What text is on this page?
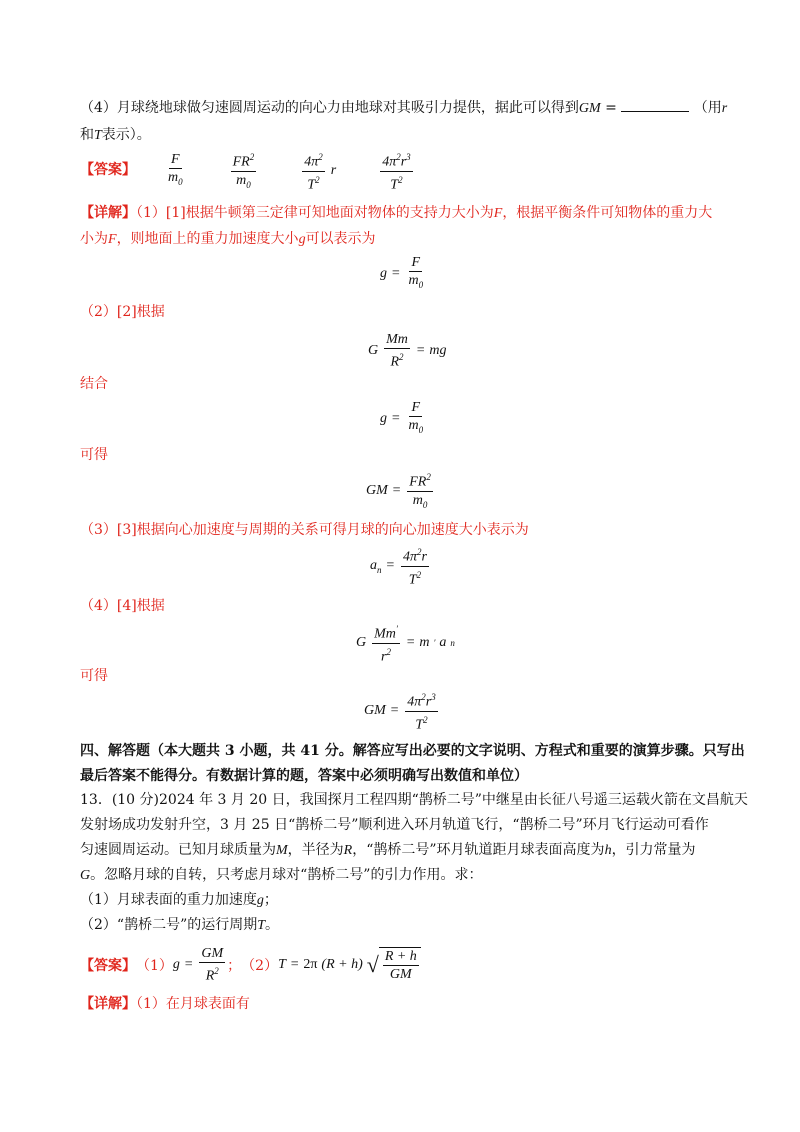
（4）月球绕地球做匀速圆周运动的向心力由地球对其吸引力提供，据此可以得到GM =	（用r
和T表示）。
【答案】 $\frac{F}{m_0}$	$\frac{FR^2}{m_0}$	$\frac{4\pi^2}{T^2}$ r	$\frac{4\pi^2r^3}{T^2}$
【详解】（1）[1]根据牛顿第三定律可知地面对物体的支持力大小为F，根据平衡条件可知物体的重力大
小为F，则地面上的重力加速度大小g可以表示为
$g = \frac{F}{m_0}$
（2）[2]根据
G $\frac{Mm}{R^2}$ = mg
结合
$g = \frac{F}{m_0}$
可得
GM = $\frac{FR^2}{m_0}$
（3）[3]根据向心加速度与周期的关系可得月球的向心加速度大小表示为
$a_n = \frac{4\pi^2r}{T^2}$
（4）[4]根据
G $\frac{Mm'}{r^2} = m$ ′ a n
可得
GM = $\frac{4\pi^2r^3}{T^2}$
四、解答题（本大题共 3 小题，共 41 分。解答应写出必要的文字说明、方程式和重要的演算步骤。只写出
最后答案不能得分。有数据计算的题，答案中必须明确写出数值和单位）
13．(10 分)2024 年 3 月 20 日，我国探月工程四期“鹊桥二号”中继星由长征八号遥三运载火箭在文昌航天
发射场成功发射升空，3 月 25 日“鹊桥二号”顺利进入环月轨道飞行，“鹊桥二号”环月飞行运动可看作
匀速圆周运动。已知月球质量为M，半径为R，“鹊桥二号”环月轨道距月球表面高度为h，引力常量为
G。忽略月球的自转，只考虑月球对“鹊桥二号”的引力作用。求：
（1）月球表面的重力加速度g；
（2）“鹊桥二号”的运行周期T。
【答案】 （1） $g = \frac{GM}{R^2}$ ； （2） T = 2π (R + h) √ $\frac{R + h}{GM}$
【详解】（1）在月球表面有
